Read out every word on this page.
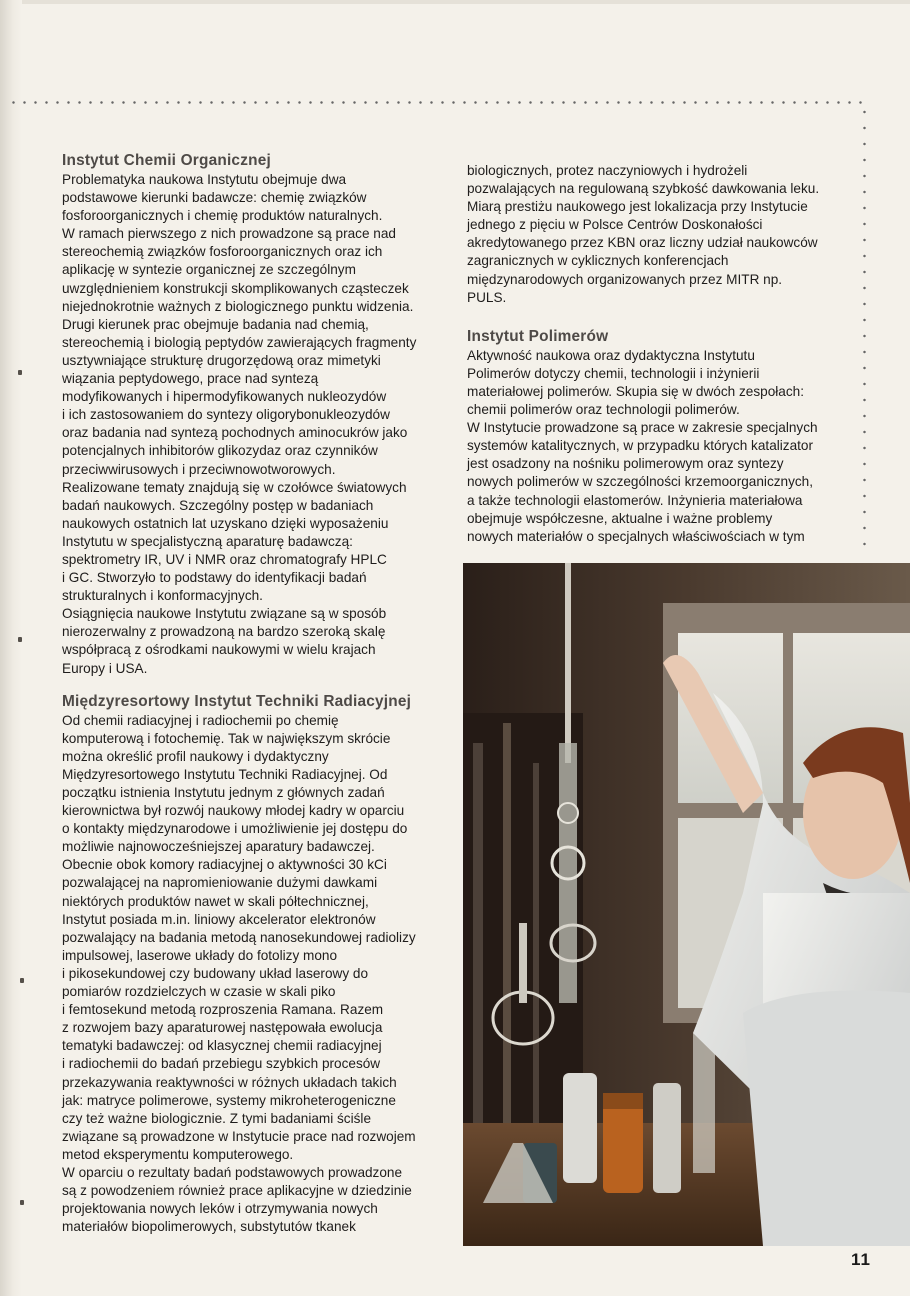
Instytut Chemii Organicznej

Problematyka naukowa Instytutu obejmuje dwa

podstawowe kierunki badawcze: chemię związków

fosforoorganicznych i chemię produktów naturalnych.

W ramach pierwszego z nich prowadzone są prace nad

stereochemią związków fosforoorganicznych oraz ich

aplikację w syntezie organicznej ze szczególnym

uwzględnieniem konstrukcji skomplikowanych cząsteczek

niejednokrotnie ważnych z biologicznego punktu widzenia.

Drugi kierunek prac obejmuje badania nad chemią,

stereochemią i biologią peptydów zawierających fragmenty

usztywniające strukturę drugorzędową oraz mimetyki

wiązania peptydowego, prace nad syntezą

modyfikowanych i hipermodyfikowanych nukleozydów

i ich zastosowaniem do syntezy oligorybonukleozydów

oraz badania nad syntezą pochodnych aminocukrów jako

potencjalnych inhibitorów glikozydaz oraz czynników

przeciwwirusowych i przeciwnowotworowych.

Realizowane tematy znajdują się w czołówce światowych

badań naukowych. Szczególny postęp w badaniach

naukowych ostatnich lat uzyskano dzięki wyposażeniu

Instytutu w specjalistyczną aparaturę badawczą:

spektrometry IR, UV i NMR oraz chromatografy HPLC

i GC. Stworzyło to podstawy do identyfikacji badań

strukturalnych i konformacyjnych.

Osiągnięcia naukowe Instytutu związane są w sposób

nierozerwalny z prowadzoną na bardzo szeroką skalę

współpracą z ośrodkami naukowymi w wielu krajach

Europy i USA.

Międzyresortowy Instytut Techniki Radiacyjnej

Od chemii radiacyjnej i radiochemii po chemię

komputerową i fotochemię. Tak w największym skrócie

można określić profil naukowy i dydaktyczny

Międzyresortowego Instytutu Techniki Radiacyjnej. Od

początku istnienia Instytutu jednym z głównych zadań

kierownictwa był rozwój naukowy młodej kadry w oparciu

o kontakty międzynarodowe i umożliwienie jej dostępu do

możliwie najnowocześniejszej aparatury badawczej.

Obecnie obok komory radiacyjnej o aktywności 30 kCi

pozwalającej na napromieniowanie dużymi dawkami

niektórych produktów nawet w skali półtechnicznej,

Instytut posiada m.in. liniowy akcelerator elektronów

pozwalający na badania metodą nanosekundowej radiolizy

impulsowej, laserowe układy do fotolizy mono

i pikosekundowej czy budowany układ laserowy do

pomiarów rozdzielczych w czasie w skali piko

i femtosekund metodą rozproszenia Ramana. Razem

z rozwojem bazy aparaturowej następowała ewolucja

tematyki badawczej: od klasycznej chemii radiacyjnej

i radiochemii do badań przebiegu szybkich procesów

przekazywania reaktywności w różnych układach takich

jak: matryce polimerowe, systemy mikroheterogeniczne

czy też ważne biologicznie. Z tymi badaniami ściśle

związane są prowadzone w Instytucie prace nad rozwojem

metod eksperymentu komputerowego.

W oparciu o rezultaty badań podstawowych prowadzone

są z powodzeniem również prace aplikacyjne w dziedzinie

projektowania nowych leków i otrzymywania nowych

materiałów biopolimerowych, substytutów tkanek

biologicznych, protez naczyniowych i hydrożeli

pozwalających na regulowaną szybkość dawkowania leku.

Miarą prestiżu naukowego jest lokalizacja przy Instytucie

jednego z pięciu w Polsce Centrów Doskonałości

akredytowanego przez KBN oraz liczny udział naukowców

zagranicznych w cyklicznych konferencjach

międzynarodowych organizowanych przez MITR np.

PULS.

Instytut Polimerów

Aktywność naukowa oraz dydaktyczna Instytutu

Polimerów dotyczy chemii, technologii i inżynierii

materiałowej polimerów. Skupia się w dwóch zespołach:

chemii polimerów oraz technologii polimerów.

W Instytucie prowadzone są prace w zakresie specjalnych

systemów katalitycznych, w przypadku których katalizator

jest osadzony na nośniku polimerowym oraz syntezy

nowych polimerów w szczególności krzemoorganicznych,

a także technologii elastomerów. Inżynieria materiałowa

obejmuje współczesne, aktualne i ważne problemy

nowych materiałów o specjalnych właściwościach w tym

11
